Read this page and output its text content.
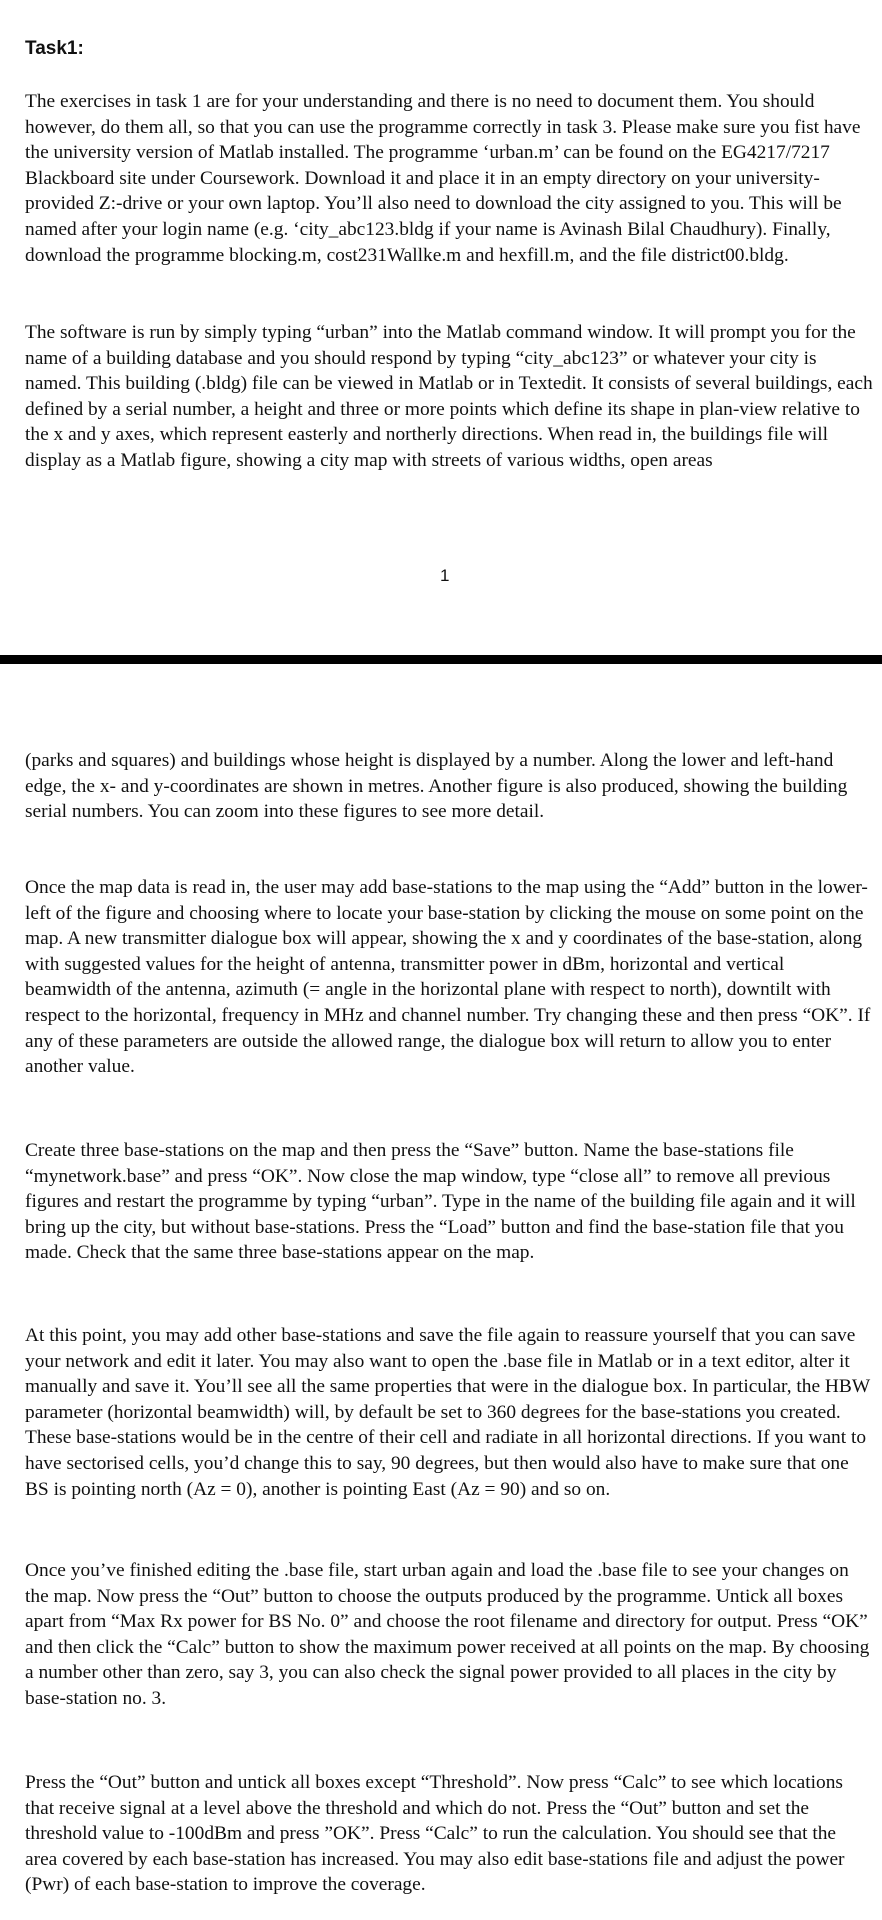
Task1:

The exercises in task 1 are for your understanding and there is no need to document them. You should however, do them all, so that you can use the programme correctly in task 3. Please make sure you fist have the university version of Matlab installed. The programme ‘urban.m’ can be found on the EG4217/7217 Blackboard site under Coursework. Download it and place it in an empty directory on your university-provided Z:-drive or your own laptop. You’ll also need to download the city assigned to you. This will be named after your login name (e.g. ‘city_abc123.bldg if your name is Avinash Bilal Chaudhury). Finally, download the programme blocking.m, cost231Wallke.m and hexfill.m, and the file district00.bldg.

The software is run by simply typing “urban” into the Matlab command window. It will prompt you for the name of a building database and you should respond by typing “city_abc123” or whatever your city is named. This building (.bldg) file can be viewed in Matlab or in Textedit. It consists of several buildings, each defined by a serial number, a height and three or more points which define its shape in plan-view relative to the x and y axes, which represent easterly and northerly directions. When read in, the buildings file will display as a Matlab figure, showing a city map with streets of various widths, open areas

1

(parks and squares) and buildings whose height is displayed by a number. Along the lower and left-hand edge, the x- and y-coordinates are shown in metres. Another figure is also produced, showing the building serial numbers. You can zoom into these figures to see more detail.

Once the map data is read in, the user may add base-stations to the map using the “Add” button in the lower-left of the figure and choosing where to locate your base-station by clicking the mouse on some point on the map. A new transmitter dialogue box will appear, showing the x and y coordinates of the base-station, along with suggested values for the height of antenna, transmitter power in dBm, horizontal and vertical beamwidth of the antenna, azimuth (= angle in the horizontal plane with respect to north), downtilt with respect to the horizontal, frequency in MHz and channel number. Try changing these and then press “OK”. If any of these parameters are outside the allowed range, the dialogue box will return to allow you to enter another value.

Create three base-stations on the map and then press the “Save” button. Name the base-stations file “mynetwork.base” and press “OK”. Now close the map window, type “close all” to remove all previous figures and restart the programme by typing “urban”. Type in the name of the building file again and it will bring up the city, but without base-stations. Press the “Load” button and find the base-station file that you made. Check that the same three base-stations appear on the map.

At this point, you may add other base-stations and save the file again to reassure yourself that you can save your network and edit it later. You may also want to open the .base file in Matlab or in a text editor, alter it manually and save it. You’ll see all the same properties that were in the dialogue box. In particular, the HBW parameter (horizontal beamwidth) will, by default be set to 360 degrees for the base-stations you created. These base-stations would be in the centre of their cell and radiate in all horizontal directions. If you want to have sectorised cells, you’d change this to say, 90 degrees, but then would also have to make sure that one BS is pointing north (Az = 0), another is pointing East (Az = 90) and so on.

Once you’ve finished editing the .base file, start urban again and load the .base file to see your changes on the map. Now press the “Out” button to choose the outputs produced by the programme. Untick all boxes apart from “Max Rx power for BS No. 0” and choose the root filename and directory for output. Press “OK” and then click the “Calc” button to show the maximum power received at all points on the map. By choosing a number other than zero, say 3, you can also check the signal power provided to all places in the city by base-station no. 3.

Press the “Out” button and untick all boxes except “Threshold”. Now press “Calc” to see which locations that receive signal at a level above the threshold and which do not. Press the “Out” button and set the threshold value to -100dBm and press ”OK”. Press “Calc” to run the calculation. You should see that the area covered by each base-station has increased. You may also edit base-stations file and adjust the power (Pwr) of each base-station to improve the coverage.
